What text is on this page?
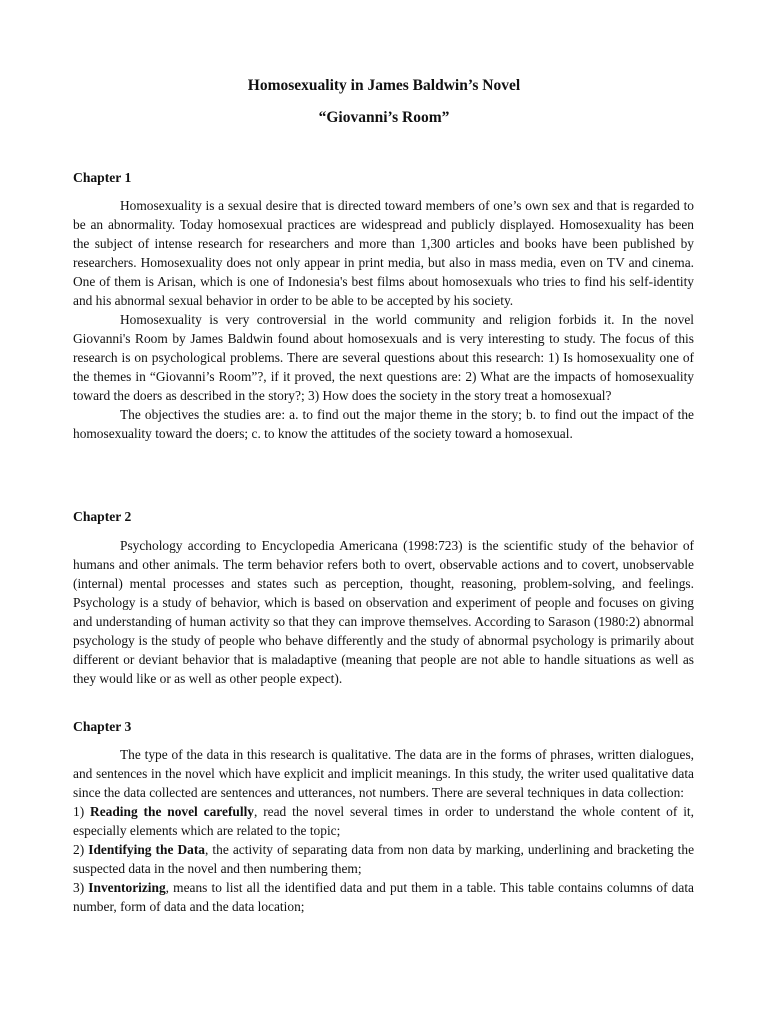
Homosexuality in James Baldwin’s Novel
“Giovanni’s Room”
Chapter 1

Homosexuality is a sexual desire that is directed toward members of one’s own sex and that is regarded to be an abnormality. Today homosexual practices are widespread and publicly displayed. Homosexuality has been the subject of intense research for researchers and more than 1,300 articles and books have been published by researchers. Homosexuality does not only appear in print media, but also in mass media, even on TV and cinema. One of them is Arisan, which is one of Indonesia's best films about homosexuals who tries to find his self-identity and his abnormal sexual behavior in order to be able to be accepted by his society.

Homosexuality is very controversial in the world community and religion forbids it. In the novel Giovanni's Room by James Baldwin found about homosexuals and is very interesting to study. The focus of this research is on psychological problems. There are several questions about this research: 1) Is homosexuality one of the themes in “Giovanni’s Room”?, if it proved, the next questions are: 2) What are the impacts of homosexuality toward the doers as described in the story?; 3) How does the society in the story treat a homosexual?

The objectives the studies are: a. to find out the major theme in the story; b. to find out the impact of the homosexuality toward the doers; c. to know the attitudes of the society toward a homosexual.

Chapter 2

Psychology according to Encyclopedia Americana (1998:723) is the scientific study of the behavior of humans and other animals. The term behavior refers both to overt, observable actions and to covert, unobservable (internal) mental processes and states such as perception, thought, reasoning, problem-solving, and feelings. Psychology is a study of behavior, which is based on observation and experiment of people and focuses on giving and understanding of human activity so that they can improve themselves. According to Sarason (1980:2) abnormal psychology is the study of people who behave differently and the study of abnormal psychology is primarily about different or deviant behavior that is maladaptive (meaning that people are not able to handle situations as well as they would like or as well as other people expect).

Chapter 3

The type of the data in this research is qualitative. The data are in the forms of phrases, written dialogues, and sentences in the novel which have explicit and implicit meanings. In this study, the writer used qualitative data since the data collected are sentences and utterances, not numbers. There are several techniques in data collection:

1) Reading the novel carefully, read the novel several times in order to understand the whole content of it, especially elements which are related to the topic;

2) Identifying the Data, the activity of separating data from non data by marking, underlining and bracketing the suspected data in the novel and then numbering them;

3) Inventorizing, means to list all the identified data and put them in a table. This table contains columns of data number, form of data and the data location;
